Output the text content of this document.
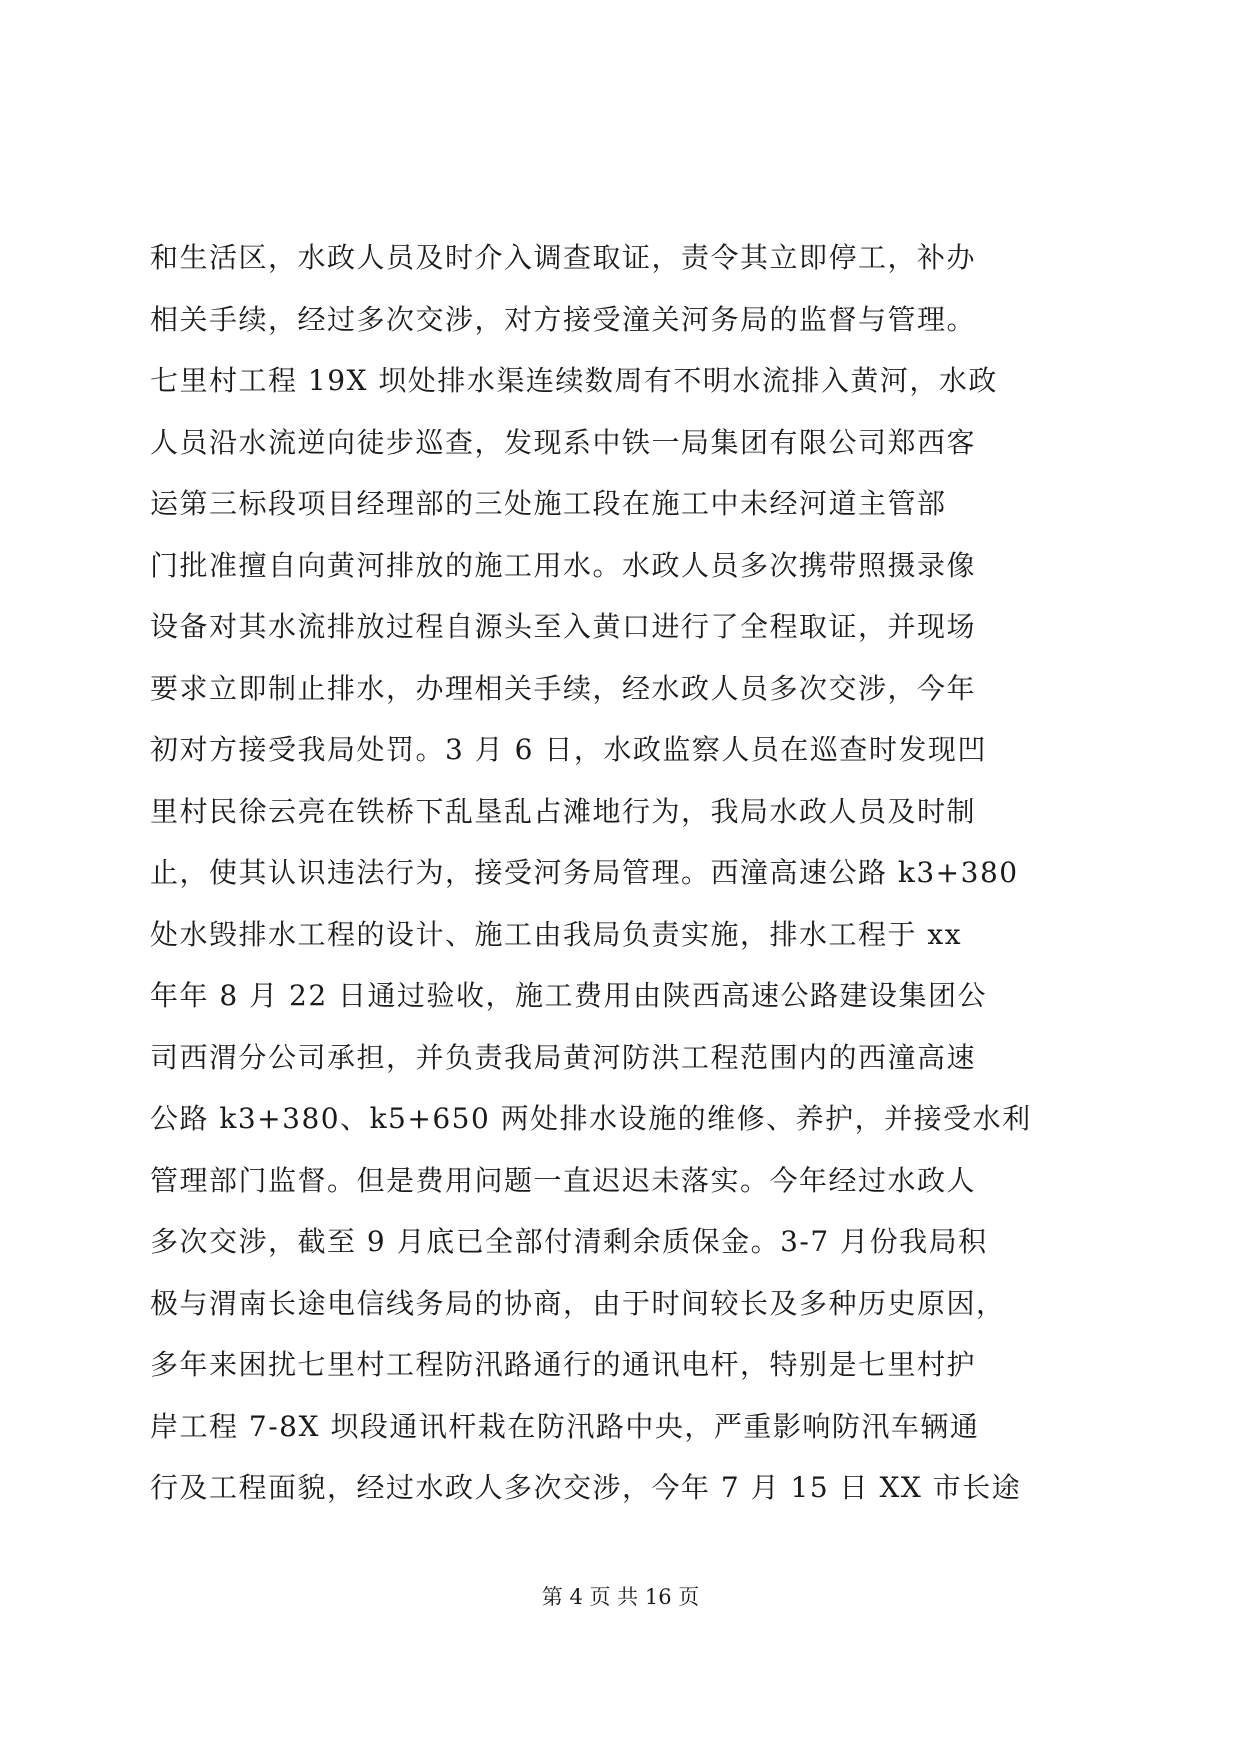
和生活区，水政人员及时介入调查取证，责令其立即停工，补办
相关手续，经过多次交涉，对方接受潼关河务局的监督与管理。
七里村工程 19X 坝处排水渠连续数周有不明水流排入黄河，水政
人员沿水流逆向徒步巡查，发现系中铁一局集团有限公司郑西客
运第三标段项目经理部的三处施工段在施工中未经河道主管部
门批准擅自向黄河排放的施工用水。水政人员多次携带照摄录像
设备对其水流排放过程自源头至入黄口进行了全程取证，并现场
要求立即制止排水，办理相关手续，经水政人员多次交涉，今年
初对方接受我局处罚。3 月 6 日，水政监察人员在巡查时发现凹
里村民徐云亮在铁桥下乱垦乱占滩地行为，我局水政人员及时制
止，使其认识违法行为，接受河务局管理。西潼高速公路 k3+380
处水毁排水工程的设计、施工由我局负责实施，排水工程于 xx
年年 8 月 22 日通过验收，施工费用由陕西高速公路建设集团公
司西渭分公司承担，并负责我局黄河防洪工程范围内的西潼高速
公路 k3+380、k5+650 两处排水设施的维修、养护，并接受水利
管理部门监督。但是费用问题一直迟迟未落实。今年经过水政人
多次交涉，截至 9 月底已全部付清剩余质保金。3-7 月份我局积
极与渭南长途电信线务局的协商，由于时间较长及多种历史原因，
多年来困扰七里村工程防汛路通行的通讯电杆，特别是七里村护
岸工程 7-8X 坝段通讯杆栽在防汛路中央，严重影响防汛车辆通
行及工程面貌，经过水政人多次交涉，今年 7 月 15 日 XX 市长途
第 4 页 共 16 页
